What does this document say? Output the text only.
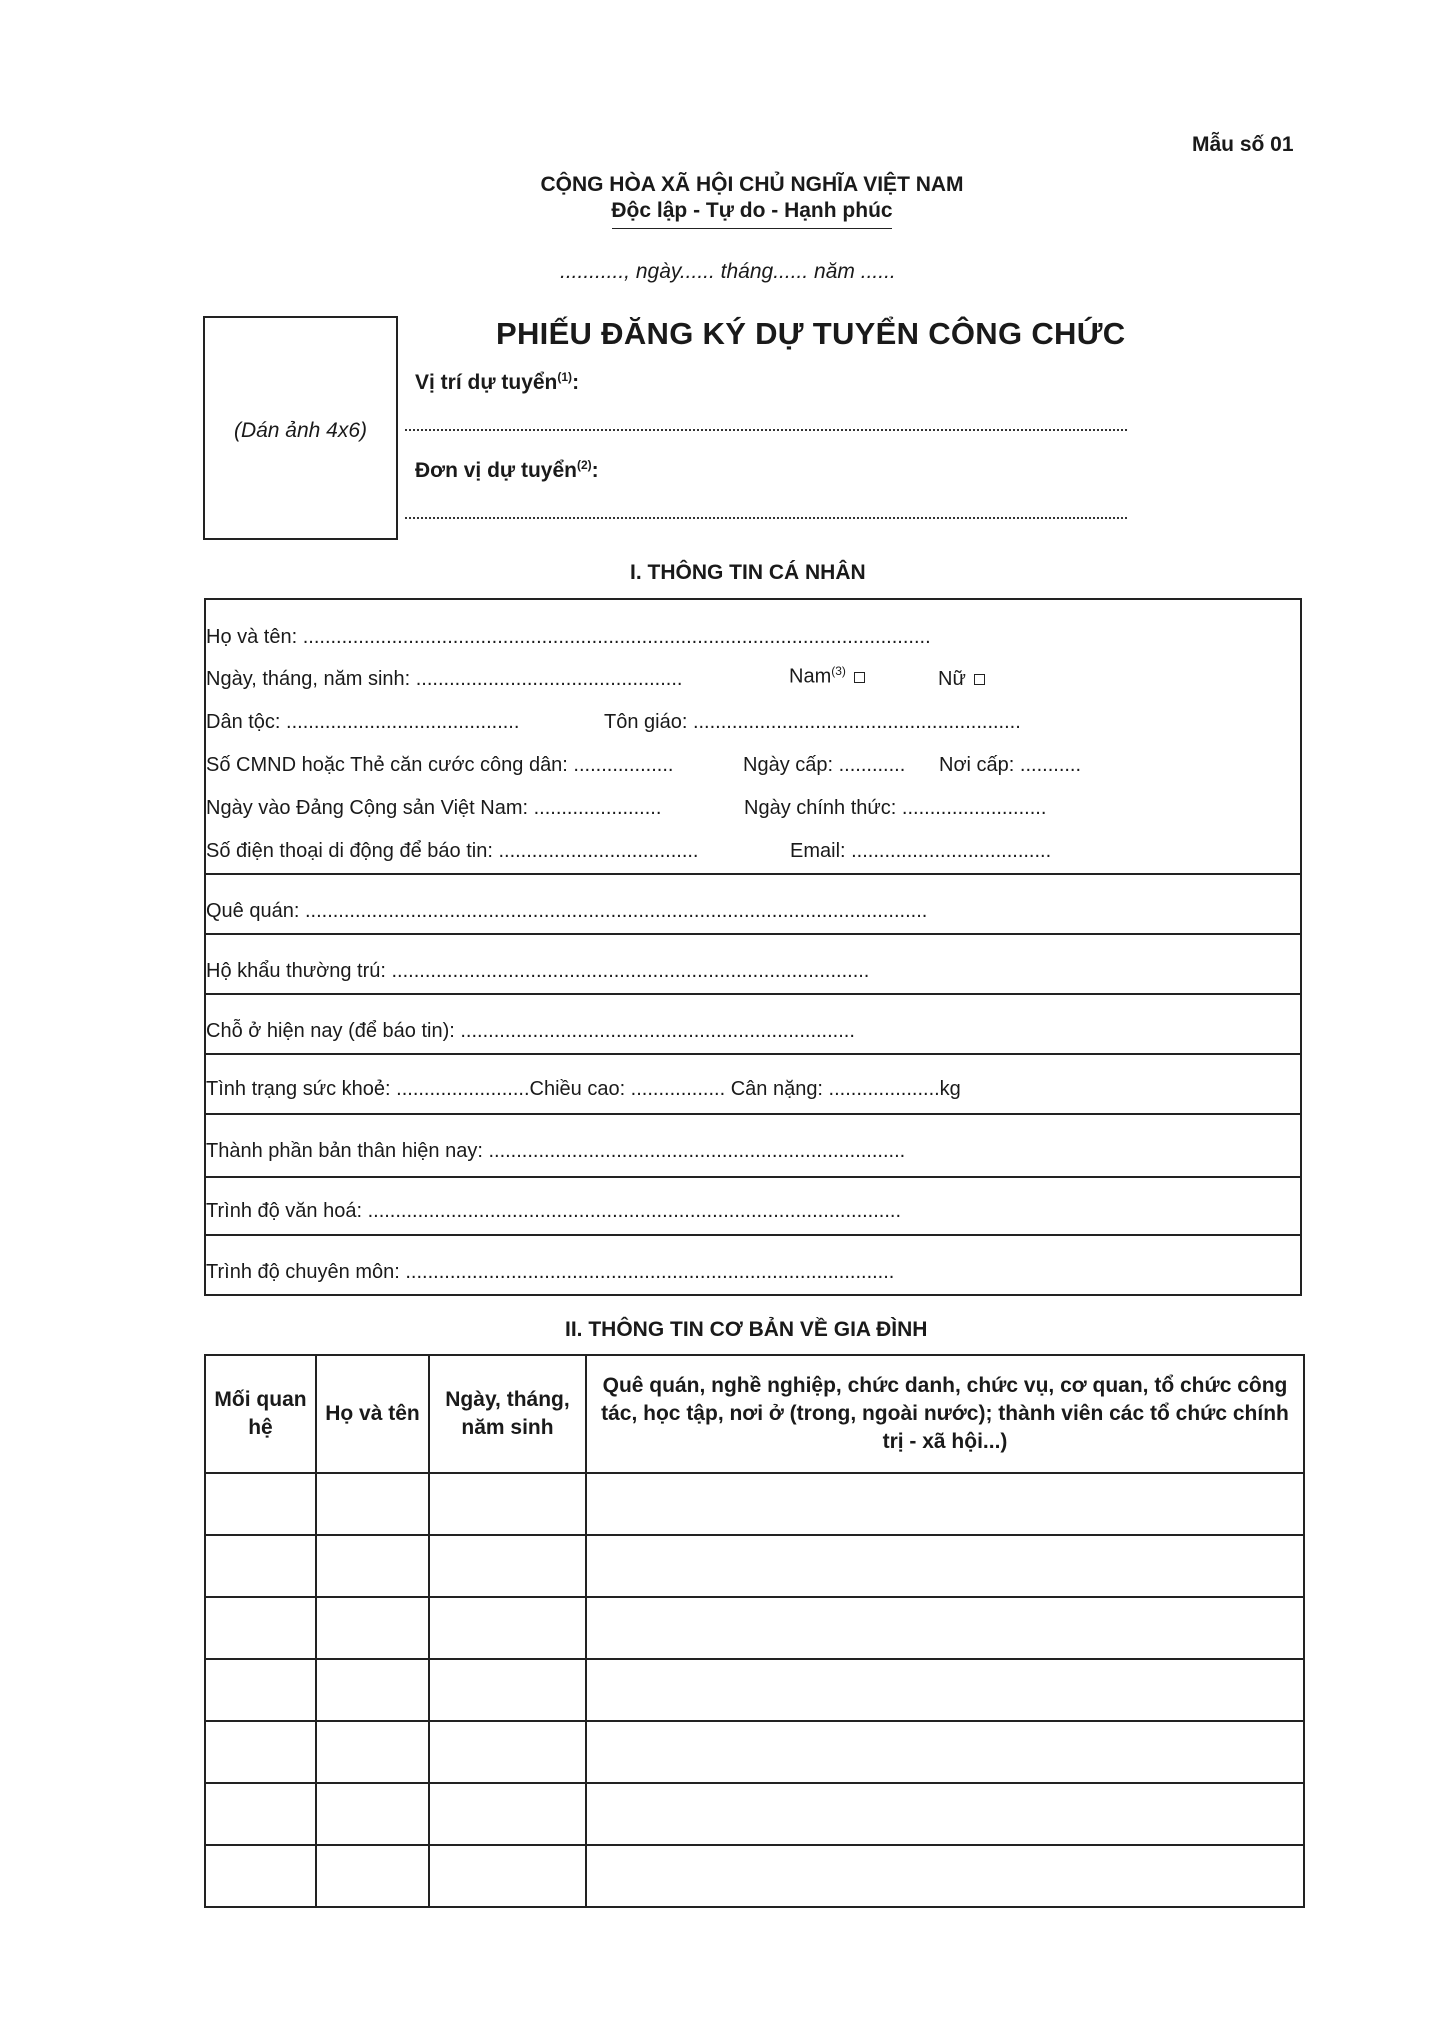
Mẫu số 01
CỘNG HÒA XÃ HỘI CHỦ NGHĨA VIỆT NAM
Độc lập - Tự do - Hạnh phúc
..........., ngày...... tháng...... năm ......
(Dán ảnh 4x6)
PHIẾU ĐĂNG KÝ DỰ TUYỂN CÔNG CHỨC
Vị trí dự tuyển$^{(1)}$:
Đơn vị dự tuyển$^{(2)}$:
I. THÔNG TIN CÁ NHÂN
Họ và tên: .................................................................................................................
Ngày, tháng, năm sinh: ................................................	Nam$^{(3)}$	Nữ
Dân tộc: ..........................................	Tôn giáo: ...........................................................
Số CMND hoặc Thẻ căn cước công dân: ..................	Ngày cấp: ............ Nơi cấp: ...........
Ngày vào Đảng Cộng sản Việt Nam: .......................	Ngày chính thức: ..........................
Số điện thoại di động để báo tin: ....................................	Email: ....................................
Quê quán: ................................................................................................................
Hộ khẩu thường trú: ......................................................................................
Chỗ ở hiện nay (để báo tin): .......................................................................
Tình trạng sức khoẻ: ........................Chiều cao: ................. Cân nặng: ....................kg
Thành phần bản thân hiện nay: ...........................................................................
Trình độ văn hoá: ................................................................................................
Trình độ chuyên môn: ........................................................................................
II. THÔNG TIN CƠ BẢN VỀ GIA ĐÌNH
Mối quan hệ	Họ và tên	Ngày, tháng, năm sinh	Quê quán, nghề nghiệp, chức danh, chức vụ, cơ quan, tổ chức công tác, học tập, nơi ở (trong, ngoài nước); thành viên các tổ chức chính trị - xã hội...)
